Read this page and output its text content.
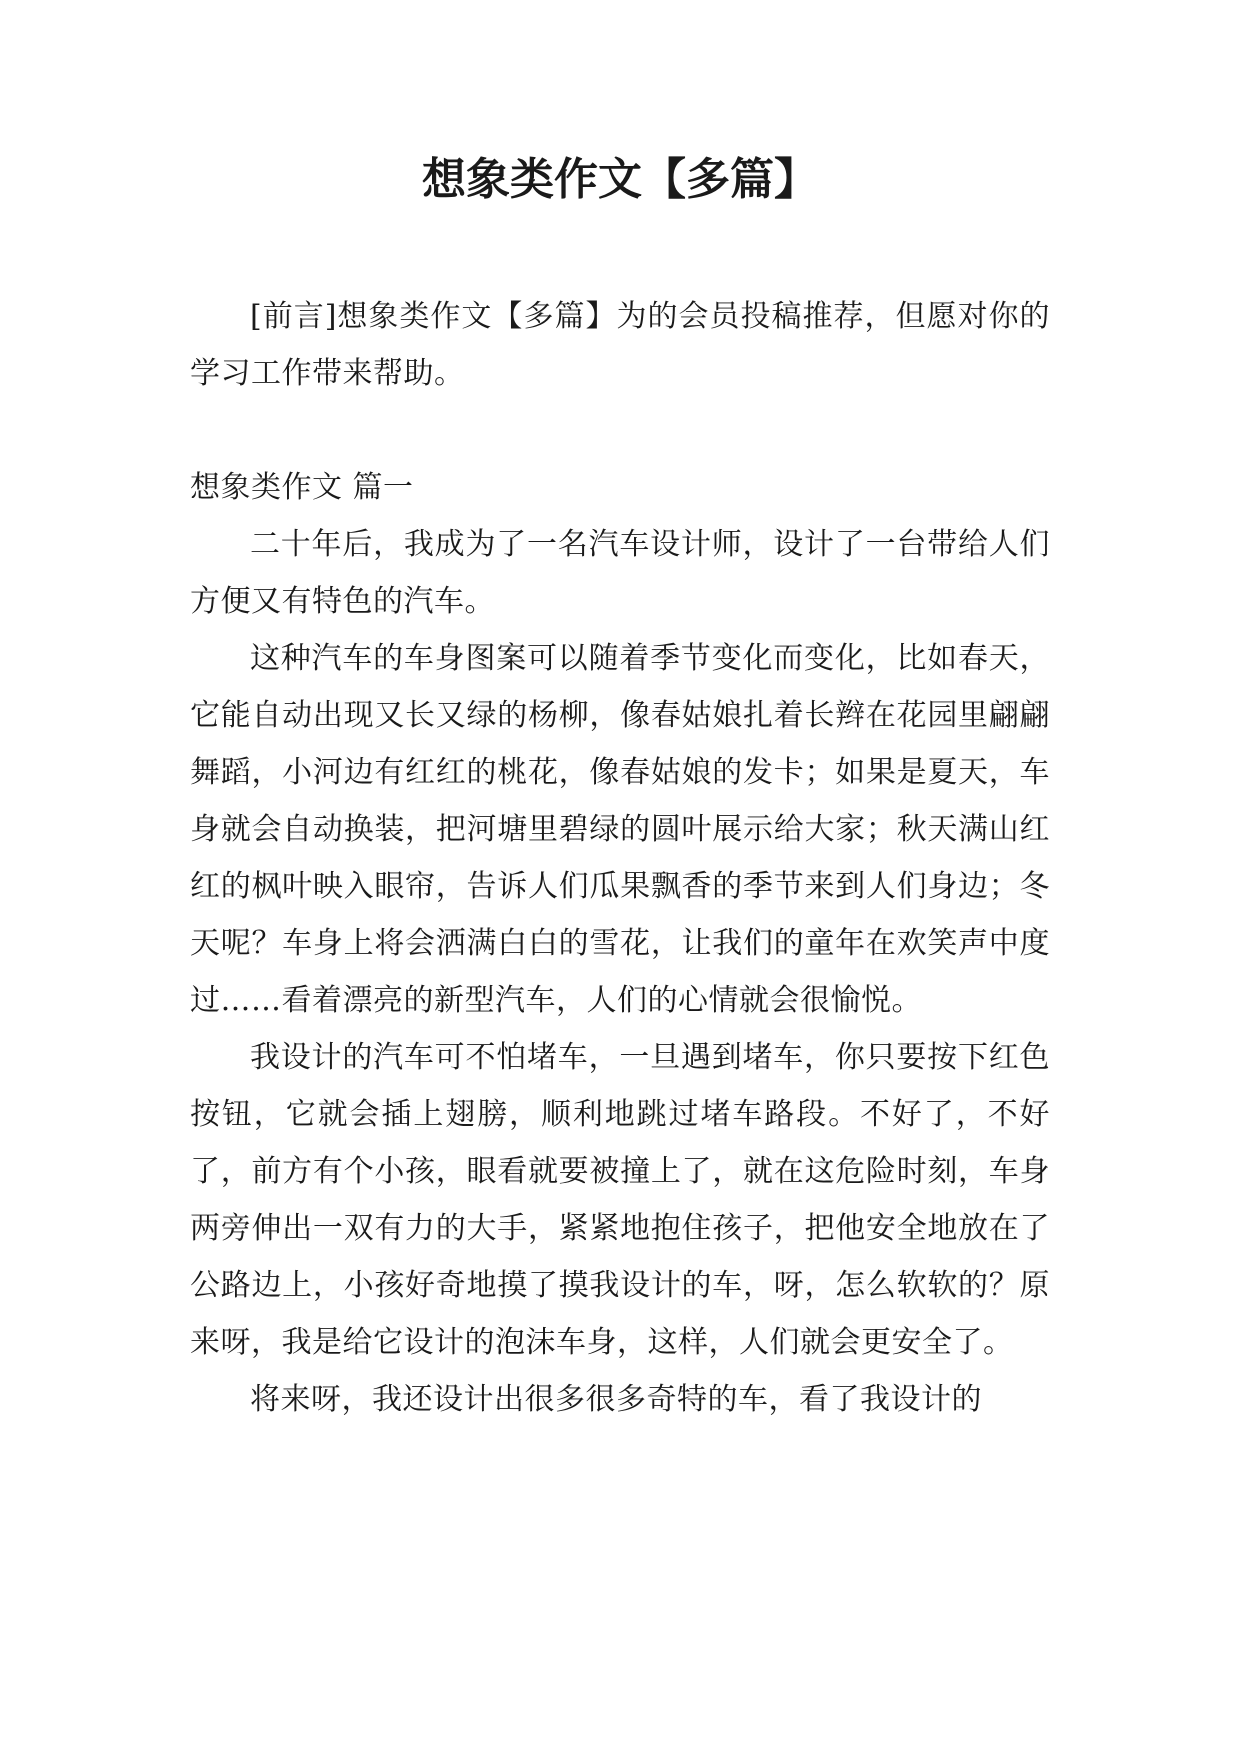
想象类作文【多篇】

[前言]想象类作文【多篇】为的会员投稿推荐，但愿对你的学习工作带来帮助。

想象类作文 篇一

二十年后，我成为了一名汽车设计师，设计了一台带给人们方便又有特色的汽车。

这种汽车的车身图案可以随着季节变化而变化，比如春天，它能自动出现又长又绿的杨柳，像春姑娘扎着长辫在花园里翩翩舞蹈，小河边有红红的桃花，像春姑娘的发卡；如果是夏天，车身就会自动换装，把河塘里碧绿的圆叶展示给大家；秋天满山红红的枫叶映入眼帘，告诉人们瓜果飘香的季节来到人们身边；冬天呢？车身上将会洒满白白的雪花，让我们的童年在欢笑声中度过……看着漂亮的新型汽车，人们的心情就会很愉悦。

我设计的汽车可不怕堵车，一旦遇到堵车，你只要按下红色按钮，它就会插上翅膀，顺利地跳过堵车路段。不好了，不好了，前方有个小孩，眼看就要被撞上了，就在这危险时刻，车身两旁伸出一双有力的大手，紧紧地抱住孩子，把他安全地放在了公路边上，小孩好奇地摸了摸我设计的车，呀，怎么软软的？原来呀，我是给它设计的泡沫车身，这样，人们就会更安全了。

将来呀，我还设计出很多很多奇特的车，看了我设计的
